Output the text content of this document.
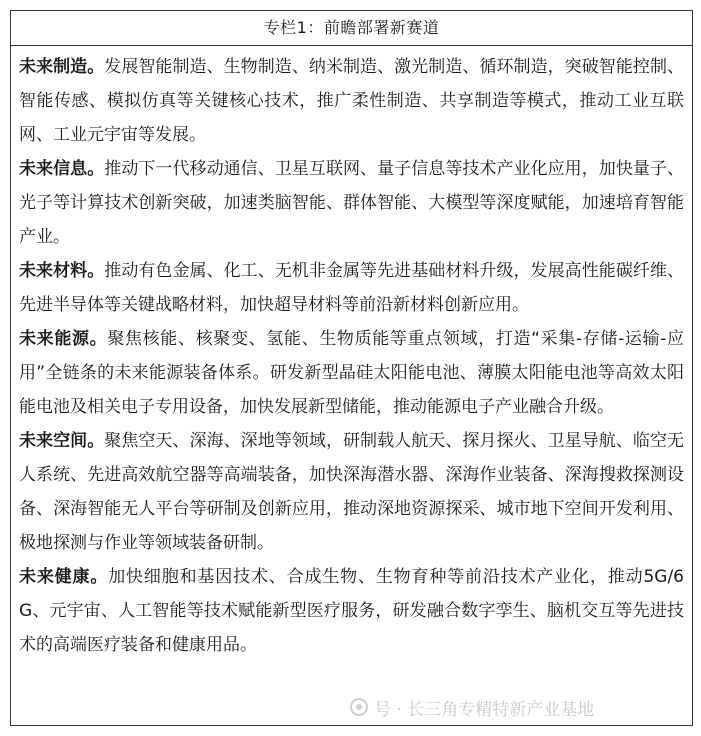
专栏1：前瞻部署新赛道

未来制造。发展智能制造、生物制造、纳米制造、激光制造、循环制造，突破智能控制、智能传感、模拟仿真等关键核心技术，推广柔性制造、共享制造等模式，推动工业互联网、工业元宇宙等发展。

未来信息。推动下一代移动通信、卫星互联网、量子信息等技术产业化应用，加快量子、光子等计算技术创新突破，加速类脑智能、群体智能、大模型等深度赋能，加速培育智能产业。

未来材料。推动有色金属、化工、无机非金属等先进基础材料升级，发展高性能碳纤维、先进半导体等关键战略材料，加快超导材料等前沿新材料创新应用。

未来能源。聚焦核能、核聚变、氢能、生物质能等重点领域，打造“采集-存储-运输-应用”全链条的未来能源装备体系。研发新型晶硅太阳能电池、薄膜太阳能电池等高效太阳能电池及相关电子专用设备，加快发展新型储能，推动能源电子产业融合升级。

未来空间。聚焦空天、深海、深地等领域，研制载人航天、探月探火、卫星导航、临空无人系统、先进高效航空器等高端装备，加快深海潜水器、深海作业装备、深海搜救探测设备、深海智能无人平台等研制及创新应用，推动深地资源探采、城市地下空间开发利用、极地探测与作业等领域装备研制。

未来健康。加快细胞和基因技术、合成生物、生物育种等前沿技术产业化，推动5G/6G、元宇宙、人工智能等技术赋能新型医疗服务，研发融合数字孪生、脑机交互等先进技术的高端医疗装备和健康用品。

号 · 长三角专精特新产业基地
